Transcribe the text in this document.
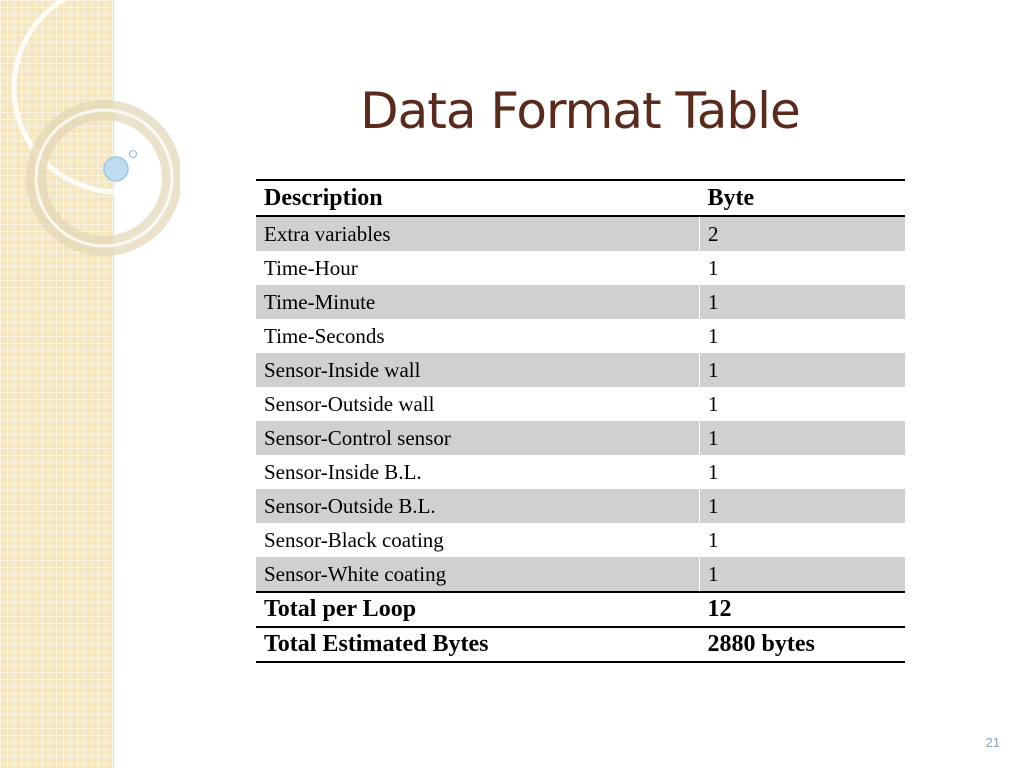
Data Format Table
Description	Byte
Extra variables	2
Time-Hour	1
Time-Minute	1
Time-Seconds	1
Sensor-Inside wall	1
Sensor-Outside wall	1
Sensor-Control sensor	1
Sensor-Inside B.L.	1
Sensor-Outside B.L.	1
Sensor-Black coating	1
Sensor-White coating	1
Total per Loop	12
Total Estimated Bytes	2880 bytes
21
